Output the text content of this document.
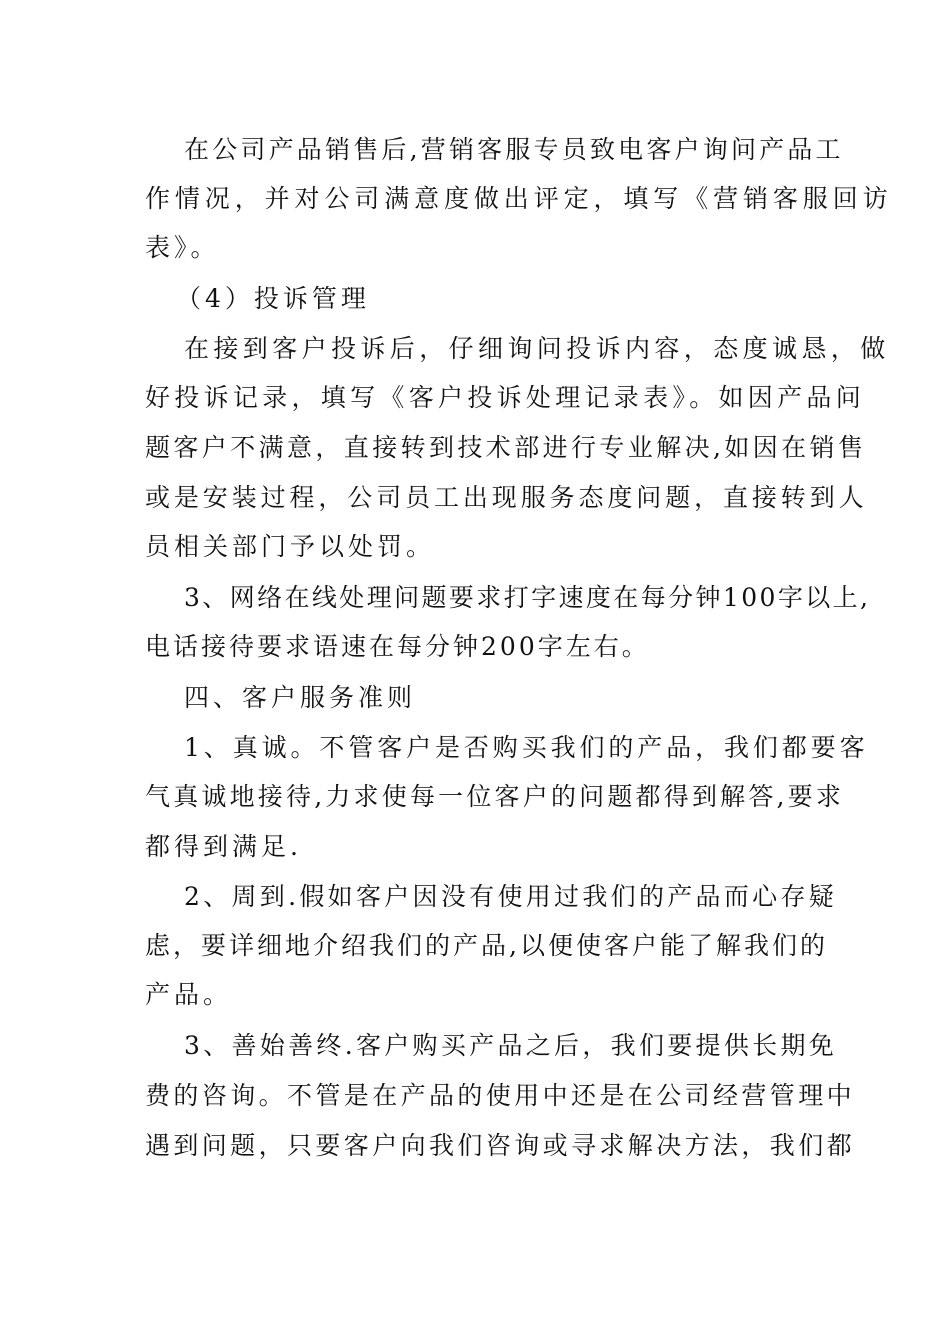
在公司产品销售后,营销客服专员致电客户询问产品工
作情况，并对公司满意度做出评定，填写《营销客服回访
表》。
（4）投诉管理
在接到客户投诉后，仔细询问投诉内容，态度诚恳，做
好投诉记录，填写《客户投诉处理记录表》。如因产品问
题客户不满意，直接转到技术部进行专业解决,如因在销售
或是安装过程，公司员工出现服务态度问题，直接转到人
员相关部门予以处罚。
3、网络在线处理问题要求打字速度在每分钟100字以上,
电话接待要求语速在每分钟200字左右。
四、客户服务准则
1、真诚。不管客户是否购买我们的产品，我们都要客
气真诚地接待,力求使每一位客户的问题都得到解答,要求
都得到满足.
2、周到.假如客户因没有使用过我们的产品而心存疑
虑，要详细地介绍我们的产品,以便使客户能了解我们的
产品。
3、善始善终.客户购买产品之后，我们要提供长期免
费的咨询。不管是在产品的使用中还是在公司经营管理中
遇到问题，只要客户向我们咨询或寻求解决方法，我们都
